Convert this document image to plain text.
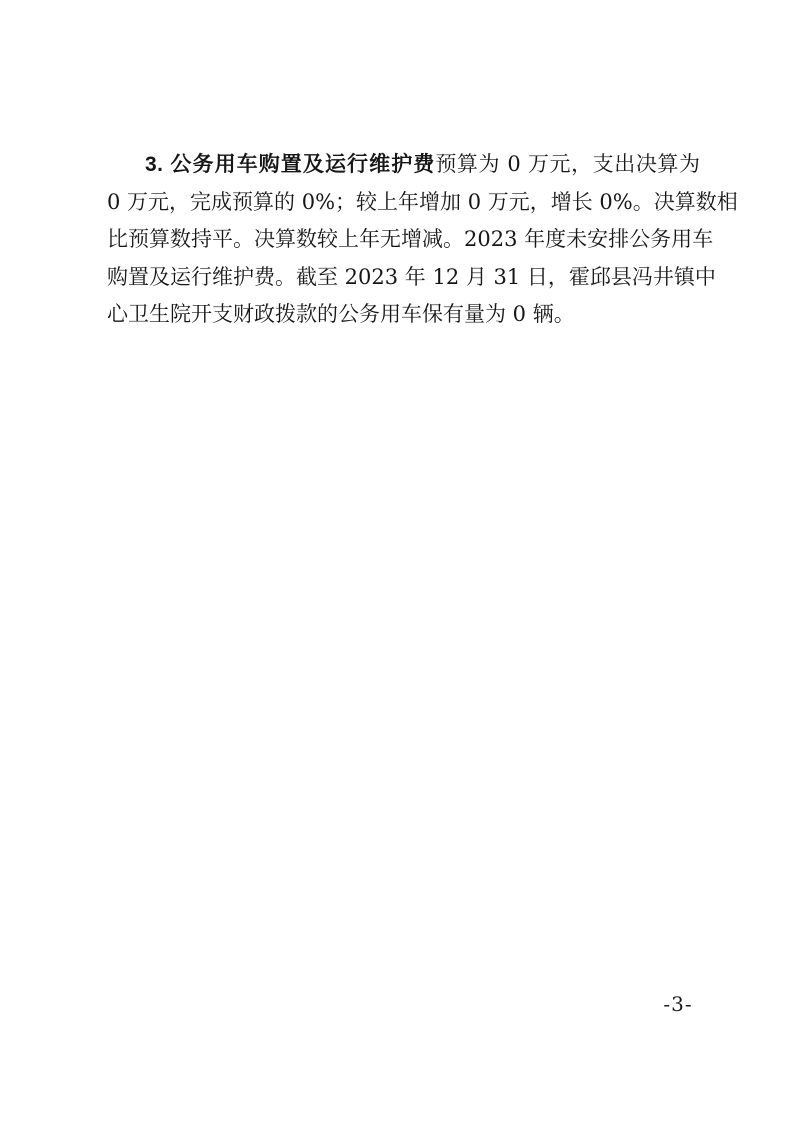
3. 公务用车购置及运行维护费预算为 0 万元，支出决算为
0 万元，完成预算的 0%；较上年增加 0 万元，增长 0%。决算数相
比预算数持平。决算数较上年无增减。2023 年度未安排公务用车
购置及运行维护费。截至 2023 年 12 月 31 日，霍邱县冯井镇中
心卫生院开支财政拨款的公务用车保有量为 0 辆。
-3-
